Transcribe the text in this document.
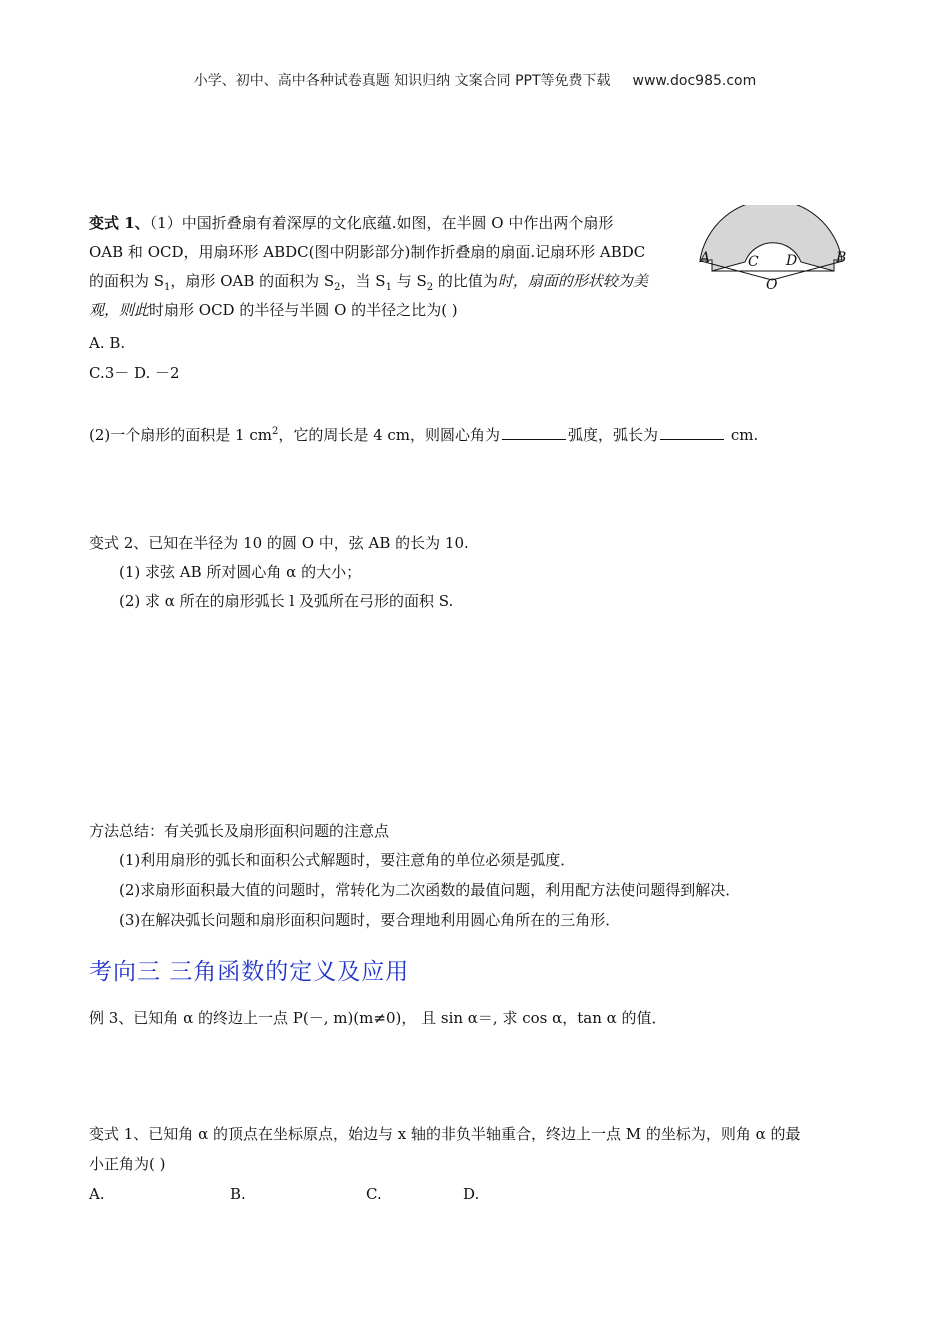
小学、初中、高中各种试卷真题 知识归纳 文案合同 PPT等免费下载 www.doc985.com
变式 1、（1）中国折叠扇有着深厚的文化底蕴.如图，在半圆 O 中作出两个扇形
OAB 和 OCD，用扇环形 ABDC(图中阴影部分)制作折叠扇的扇面.记扇环形 ABDC
的面积为 $S_1$，扇形 OAB 的面积为 $S_2$，当 $S_1$ 与 $S_2$ 的比值为时，扇面的形状较为美
观，则此时扇形 OCD 的半径与半圆 O 的半径之比为( )
A. B.
C.3－ D. －2
A	B
C D
O
(2)一个扇形的面积是 1 $cm^2$，它的周长是 4 cm，则圆心角为	弧度，弧长为	cm.
变式 2、已知在半径为 10 的圆 O 中，弦 AB 的长为 10.
(1) 求弦 AB 所对圆心角 α 的大小；
(2) 求 α 所在的扇形弧长 l 及弧所在弓形的面积 S.
方法总结：有关弧长及扇形面积问题的注意点
(1)利用扇形的弧长和面积公式解题时，要注意角的单位必须是弧度．
(2)求扇形面积最大值的问题时，常转化为二次函数的最值问题，利用配方法使问题得到解决．
(3)在解决弧长问题和扇形面积问题时，要合理地利用圆心角所在的三角形．
考向三 三角函数的定义及应用
例 3、已知角 α 的终边上一点 P(－, m)(m≠0)， 且 sin α＝, 求 cos α，tan α 的值．
变式 1、已知角 α 的顶点在坐标原点，始边与 x 轴的非负半轴重合，终边上一点 M 的坐标为，则角 α 的最
小正角为( )
A.	B.	C.	D.
